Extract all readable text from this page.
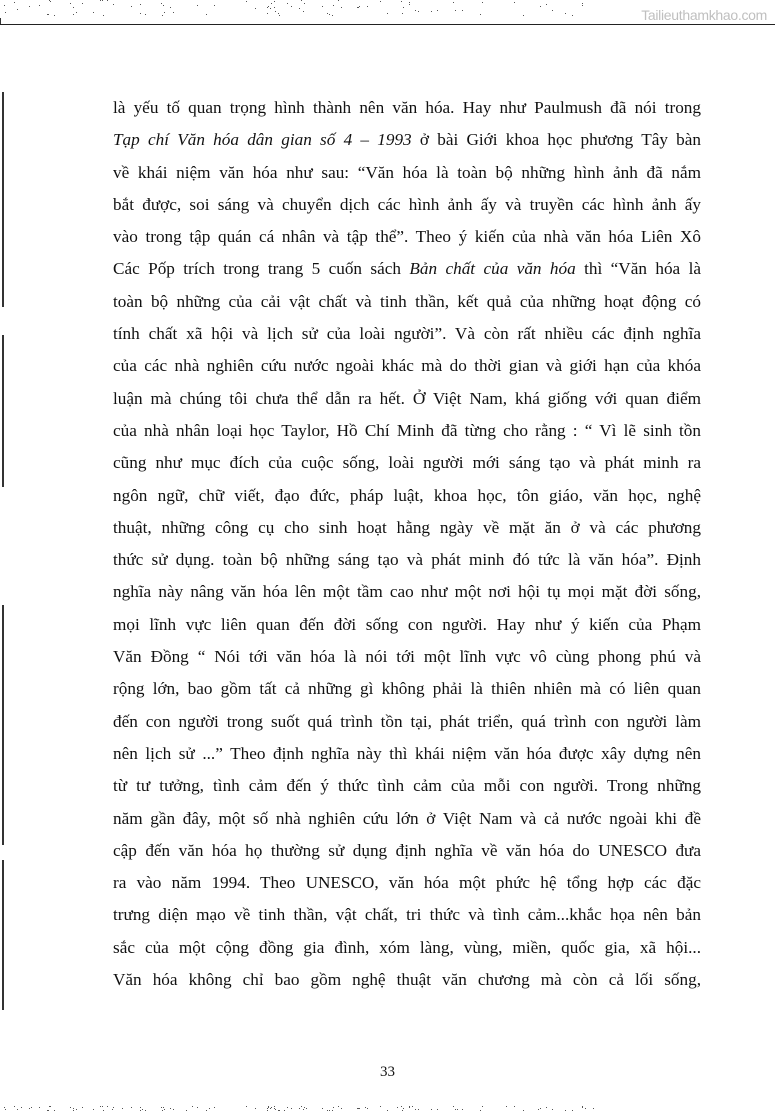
Tailieuthamkhao.com
là yếu tố quan trọng hình thành nên văn hóa. Hay như Paulmush đã nói trong
Tạp chí Văn hóa dân gian số 4 – 1993 ở bài Giới khoa học phương Tây bàn
về khái niệm văn hóa như sau: “Văn hóa là toàn bộ những hình ảnh đã nắm
bắt được, soi sáng và chuyển dịch các hình ảnh ấy và truyền các hình ảnh ấy
vào trong tập quán cá nhân và tập thể”. Theo ý kiến của nhà văn hóa Liên Xô
Các Pốp trích trong trang 5 cuốn sách Bản chất của văn hóa thì “Văn hóa là
toàn bộ những của cải vật chất và tinh thần, kết quả của những hoạt động có
tính chất xã hội và lịch sử của loài người”. Và còn rất nhiều các định nghĩa
của các nhà nghiên cứu nước ngoài khác mà do thời gian và giới hạn của khóa
luận mà chúng tôi chưa thể dẫn ra hết. Ở Việt Nam, khá giống với quan điểm
của nhà nhân loại học Taylor, Hồ Chí Minh đã từng cho rằng : “ Vì lẽ sinh tồn
cũng như mục đích của cuộc sống, loài người mới sáng tạo và phát minh ra
ngôn ngữ, chữ viết, đạo đức, pháp luật, khoa học, tôn giáo, văn học, nghệ
thuật, những công cụ cho sinh hoạt hằng ngày về mặt ăn ở và các phương
thức sử dụng. toàn bộ những sáng tạo và phát minh đó tức là văn hóa”. Định
nghĩa này nâng văn hóa lên một tầm cao như một nơi hội tụ mọi mặt đời sống,
mọi lĩnh vực liên quan đến đời sống con người. Hay như ý kiến của Phạm
Văn Đồng “ Nói tới văn hóa là nói tới một lĩnh vực vô cùng phong phú và
rộng lớn, bao gồm tất cả những gì không phải là thiên nhiên mà có liên quan
đến con người trong suốt quá trình tồn tại, phát triển, quá trình con người làm
nên lịch sử ...” Theo định nghĩa này thì khái niệm văn hóa được xây dựng nên
từ tư tưởng, tình cảm đến ý thức tình cảm của mỗi con người. Trong những
năm gần đây, một số nhà nghiên cứu lớn ở Việt Nam và cả nước ngoài khi đề
cập đến văn hóa họ thường sử dụng định nghĩa về văn hóa do UNESCO đưa
ra vào năm 1994. Theo UNESCO, văn hóa một phức hệ tổng hợp các đặc
trưng diện mạo về tinh thần, vật chất, tri thức và tình cảm...khắc họa nên bản
sắc của một cộng đồng gia đình, xóm làng, vùng, miền, quốc gia, xã hội...
Văn hóa không chỉ bao gồm nghệ thuật văn chương mà còn cả lối sống,
33
